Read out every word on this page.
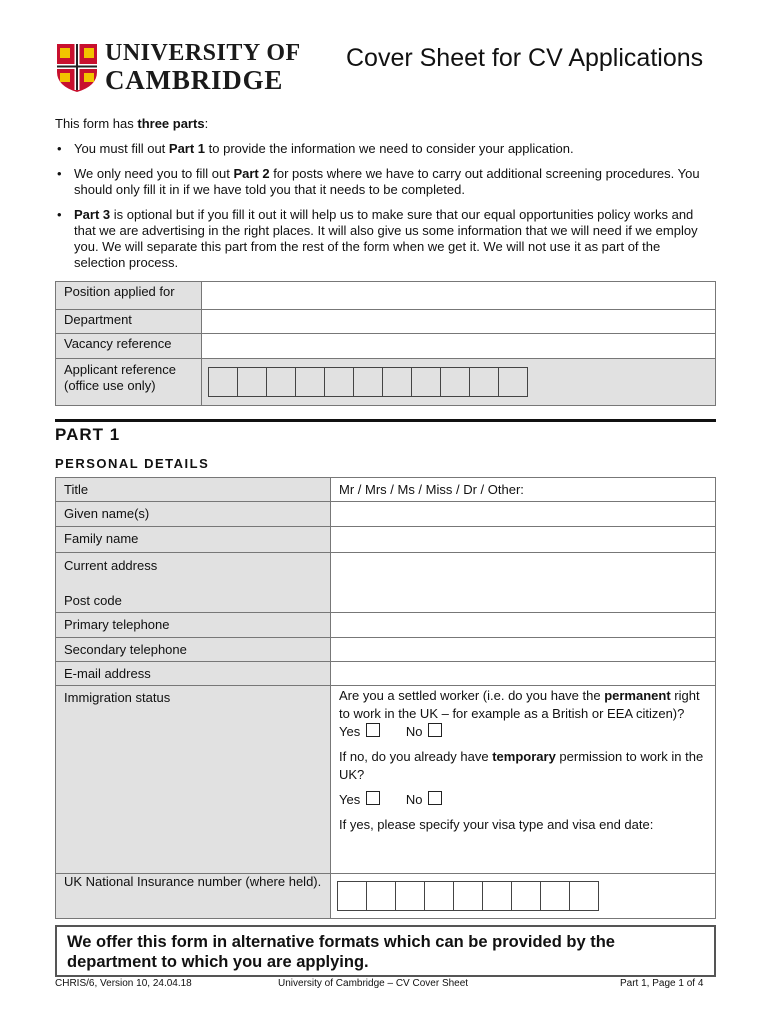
UNIVERSITY OF
CAMBRIDGE
Cover Sheet for CV Applications
This form has three parts:
• You must fill out Part 1 to provide the information we need to consider your application.
• We only need you to fill out Part 2 for posts where we have to carry out additional screening procedures. You should only fill it in if we have told you that it needs to be completed.
• Part 3 is optional but if you fill it out it will help us to make sure that our equal opportunities policy works and that we are advertising in the right places. It will also give us some information that we will need if we employ you. We will separate this part from the rest of the form when we get it. We will not use it as part of the selection process.
Position applied for	
Department	
Vacancy reference	
Applicant reference (office use only)	
PART 1
PERSONAL DETAILS
Title	Mr / Mrs / Ms / Miss / Dr / Other:
Given name(s)	
Family name	

Current address
Post code	

Primary telephone	
Secondary telephone	
E-mail address	
Immigration status	Are you a settled worker (i.e. do you have the permanent right to work in the UK – for example as a British or EEA citizen)?

Yes No

If no, do you already have temporary permission to work in the UK?

Yes No

If yes, please specify your visa type and visa end date:

UK National Insurance number (where held).	
We offer this form in alternative formats which can be provided by the department to which you are applying.
CHRIS/6, Version 10, 24.04.18	University of Cambridge – CV Cover Sheet	Part 1, Page 1 of 4
